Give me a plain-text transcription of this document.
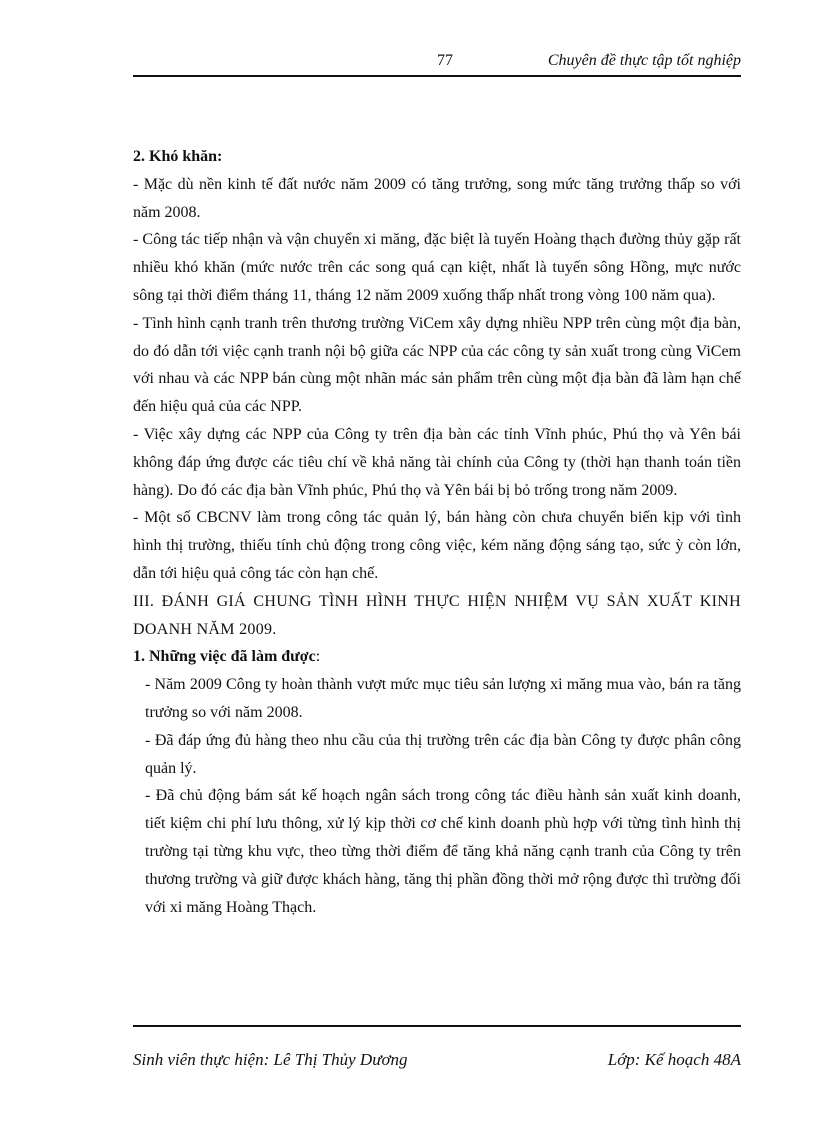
77	Chuyên đề thực tập tốt nghiệp

2. Khó khăn:

- Mặc dù nền kinh tế đất nước năm 2009 có tăng trưởng, song mức tăng trưởng thấp so với năm 2008.

- Công tác tiếp nhận và vận chuyển xi măng, đặc biệt là tuyến Hoàng thạch đường thủy gặp rất nhiều khó khăn (mức nước trên các song quá cạn kiệt, nhất là tuyến sông Hồng, mực nước sông tại thời điểm tháng 11, tháng 12 năm 2009 xuống thấp nhất trong vòng 100 năm qua).

- Tình hình cạnh tranh trên thương trường ViCem xây dựng nhiều NPP trên cùng một địa bàn, do đó dẫn tới việc cạnh tranh nội bộ giữa các NPP của các công ty sản xuất trong cùng ViCem với nhau và các NPP bán cùng một nhãn mác sản phẩm trên cùng một địa bàn đã làm hạn chế đến hiệu quả của các NPP.

- Việc xây dựng các NPP của Công ty trên địa bàn các tỉnh Vĩnh phúc, Phú thọ và Yên bái không đáp ứng được các tiêu chí về khả năng tài chính của Công ty (thời hạn thanh toán tiền hàng). Do đó các địa bàn Vĩnh phúc, Phú thọ và Yên bái bị bỏ trống trong năm 2009.

- Một số CBCNV làm trong công tác quản lý, bán hàng còn chưa chuyển biến kịp với tình hình thị trường, thiếu tính chủ động trong công việc, kém năng động sáng tạo, sức ỳ còn lớn, dẫn tới hiệu quả công tác còn hạn chế.

III. ĐÁNH GIÁ CHUNG TÌNH HÌNH THỰC HIỆN NHIỆM VỤ SẢN XUẤT KINH DOANH NĂM 2009.

1. Những việc đã làm được:

- Năm 2009 Công ty hoàn thành vượt mức mục tiêu sản lượng xi măng mua vào, bán ra tăng trưởng so với năm 2008.

- Đã đáp ứng đủ hàng theo nhu cầu của thị trường trên các địa bàn Công ty được phân công quản lý.

- Đã chủ động bám sát kế hoạch ngân sách trong công tác điều hành sản xuất kinh doanh, tiết kiệm chi phí lưu thông, xử lý kịp thời cơ chế kinh doanh phù hợp với từng tình hình thị trường tại từng khu vực, theo từng thời điểm để tăng khả năng cạnh tranh của Công ty trên thương trường và giữ được khách hàng, tăng thị phần đồng thời mở rộng được thì trường đối với xi măng Hoàng Thạch.

Sinh viên thực hiện: Lê Thị Thủy Dương	Lớp: Kế hoạch 48A
